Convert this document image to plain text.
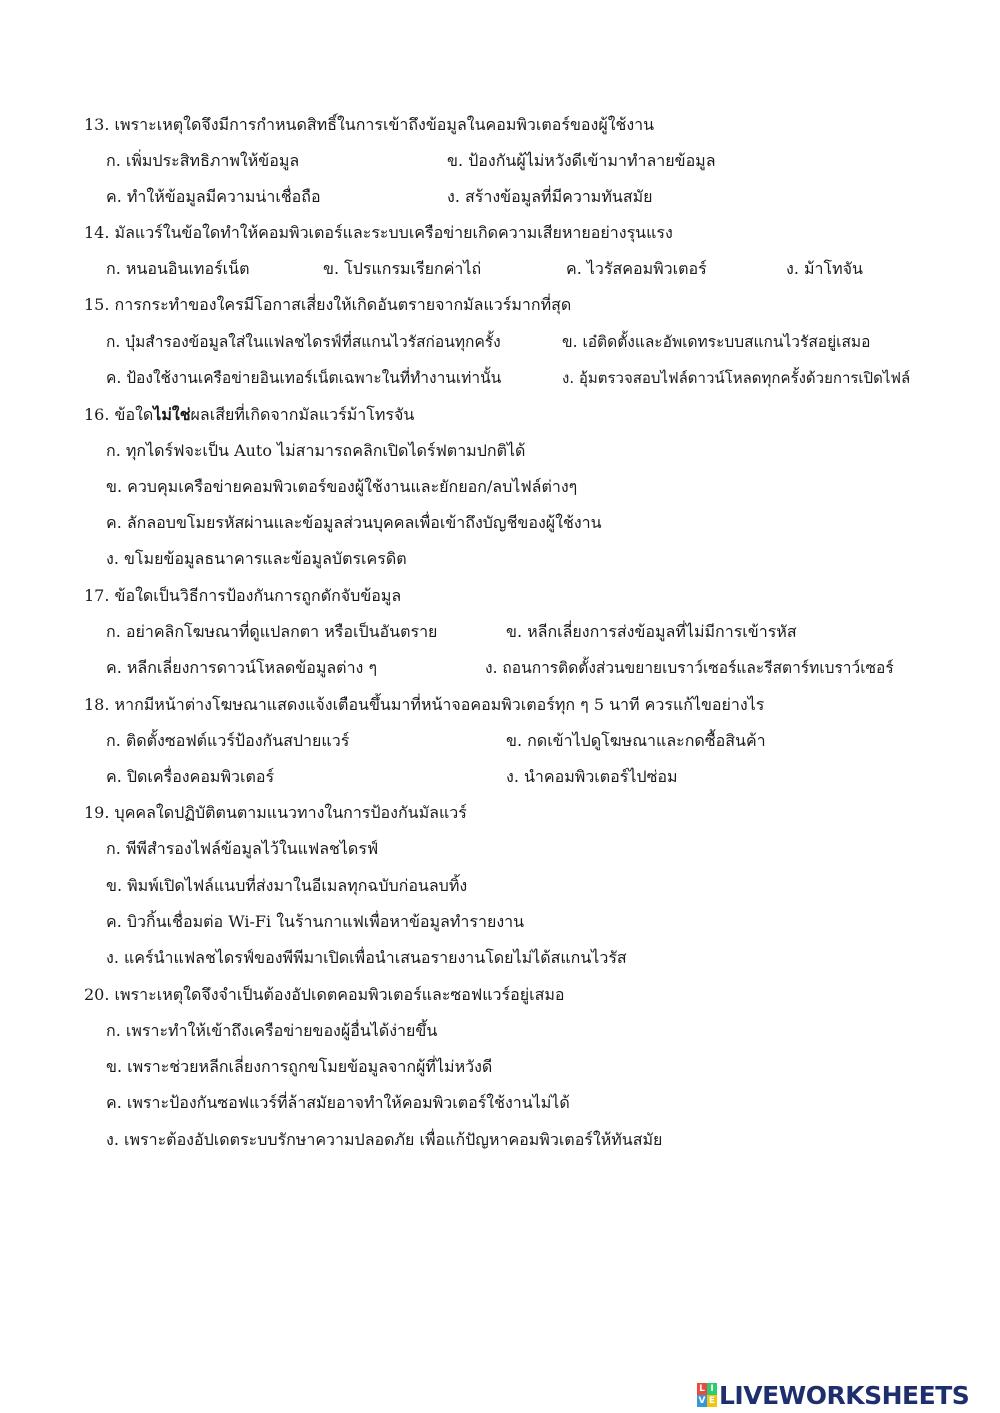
13. เพราะเหตุใดจึงมีการกำหนดสิทธิ์ในการเข้าถึงข้อมูลในคอมพิวเตอร์ของผู้ใช้งาน
ก. เพิ่มประสิทธิภาพให้ข้อมูล	ข. ป้องกันผู้ไม่หวังดีเข้ามาทำลายข้อมูล
ค. ทำให้ข้อมูลมีความน่าเชื่อถือ	ง. สร้างข้อมูลที่มีความทันสมัย
14. มัลแวร์ในข้อใดทำให้คอมพิวเตอร์และระบบเครือข่ายเกิดความเสียหายอย่างรุนแรง
ก. หนอนอินเทอร์เน็ต	ข. โปรแกรมเรียกค่าไถ่	ค. ไวรัสคอมพิวเตอร์	ง. ม้าโทจัน
15. การกระทำของใครมีโอกาสเสี่ยงให้เกิดอันตรายจากมัลแวร์มากที่สุด
ก. บุ๋มสำรองข้อมูลใส่ในแฟลชไดรฟ์ที่สแกนไวรัสก่อนทุกครั้ง	ข. เอ๋ติดตั้งและอัพเดทระบบสแกนไวรัสอยู่เสมอ
ค. ป้องใช้งานเครือข่ายอินเทอร์เน็ตเฉพาะในที่ทำงานเท่านั้น	ง. อุ้มตรวจสอบไฟล์ดาวน์โหลดทุกครั้งด้วยการเปิดไฟล์
16. ข้อใดไม่ใช่ผลเสียที่เกิดจากมัลแวร์ม้าโทรจัน
ก. ทุกไดร์ฟจะเป็น Auto ไม่สามารถคลิกเปิดไดร์ฟตามปกติได้
ข. ควบคุมเครือข่ายคอมพิวเตอร์ของผู้ใช้งานและยักยอก/ลบไฟล์ต่างๆ
ค. ลักลอบขโมยรหัสผ่านและข้อมูลส่วนบุคคลเพื่อเข้าถึงบัญชีของผู้ใช้งาน
ง. ขโมยข้อมูลธนาคารและข้อมูลบัตรเครดิต
17. ข้อใดเป็นวิธีการป้องกันการถูกดักจับข้อมูล
ก. อย่าคลิกโฆษณาที่ดูแปลกตา หรือเป็นอันตราย	ข. หลีกเลี่ยงการส่งข้อมูลที่ไม่มีการเข้ารหัส
ค. หลีกเลี่ยงการดาวน์โหลดข้อมูลต่าง ๆ	ง. ถอนการติดตั้งส่วนขยายเบราว์เซอร์และรีสตาร์ทเบราว์เซอร์
18. หากมีหน้าต่างโฆษณาแสดงแจ้งเตือนขึ้นมาที่หน้าจอคอมพิวเตอร์ทุก ๆ 5 นาที ควรแก้ไขอย่างไร
ก. ติดตั้งซอฟต์แวร์ป้องกันสปายแวร์	ข. กดเข้าไปดูโฆษณาและกดซื้อสินค้า
ค. ปิดเครื่องคอมพิวเตอร์	ง. นำคอมพิวเตอร์ไปซ่อม
19. บุคคลใดปฏิบัติตนตามแนวทางในการป้องกันมัลแวร์
ก. พีพีสำรองไฟล์ข้อมูลไว้ในแฟลชไดรฟ์
ข. พิมพ์เปิดไฟล์แนบที่ส่งมาในอีเมลทุกฉบับก่อนลบทิ้ง
ค. บิวกิ้นเชื่อมต่อ Wi-Fi ในร้านกาแฟเพื่อหาข้อมูลทำรายงาน
ง. แคร์นำแฟลชไดรฟ์ของพีพีมาเปิดเพื่อนำเสนอรายงานโดยไม่ได้สแกนไวรัส
20. เพราะเหตุใดจึงจำเป็นต้องอัปเดตคอมพิวเตอร์และซอฟแวร์อยู่เสมอ
ก. เพราะทำให้เข้าถึงเครือข่ายของผู้อื่นได้ง่ายขึ้น
ข. เพราะช่วยหลีกเลี่ยงการถูกขโมยข้อมูลจากผู้ที่ไม่หวังดี
ค. เพราะป้องกันซอฟแวร์ที่ล้าสมัยอาจทำให้คอมพิวเตอร์ใช้งานไม่ได้
ง. เพราะต้องอัปเดตระบบรักษาความปลอดภัย เพื่อแก้ปัญหาคอมพิวเตอร์ให้ทันสมัย
L I
V E LIVEWORKSHEETS
